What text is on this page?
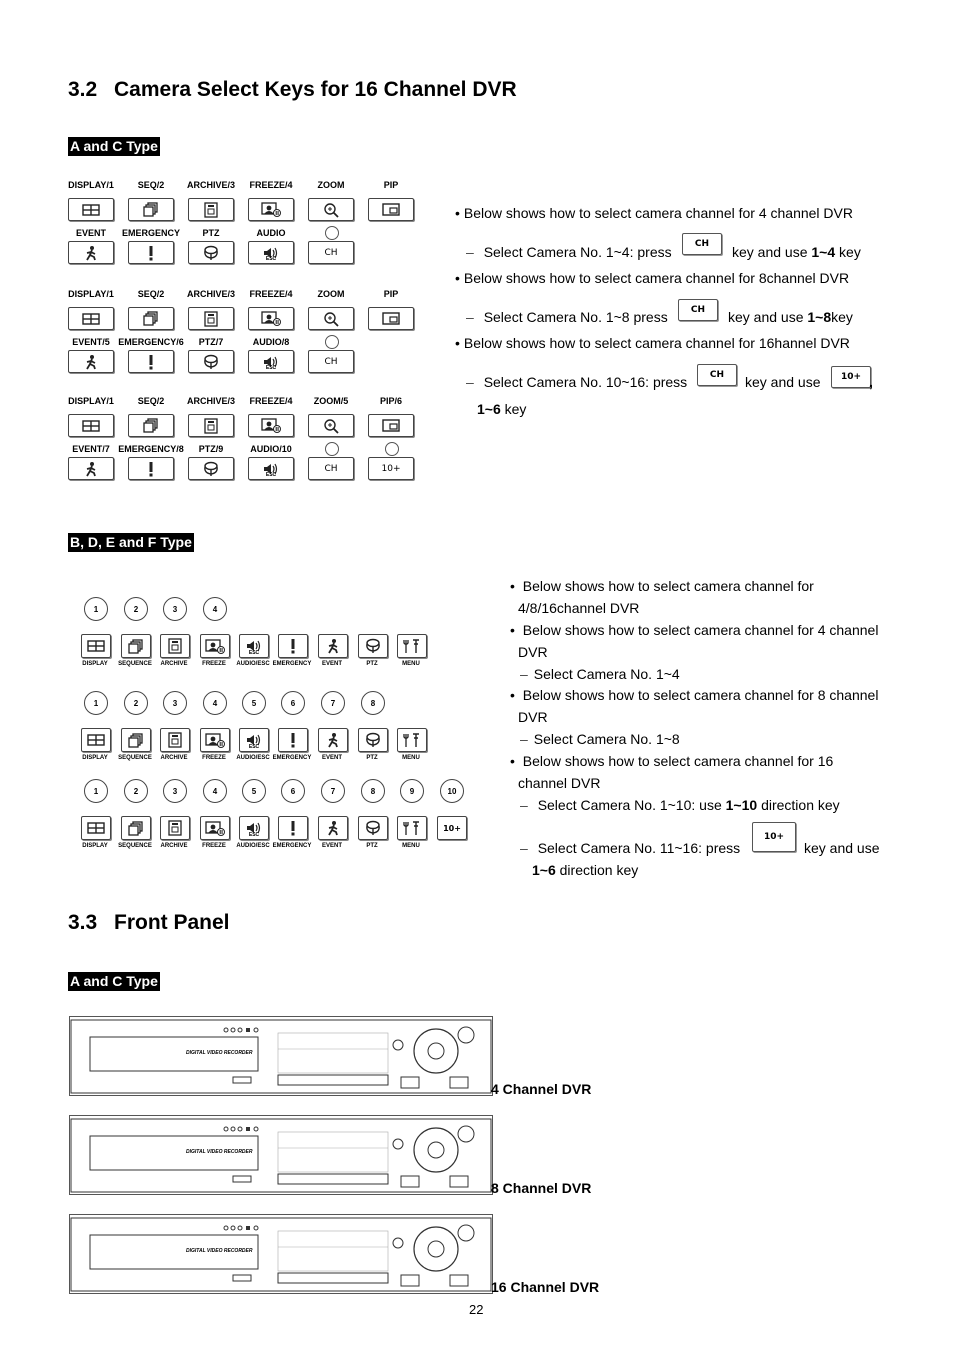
3.2 Camera Select Keys for 16 Channel DVR
A and C Type
DISPLAY/1	SEQ/2	ARCHIVE/3	FREEZE/4
II
ZOOM	PIP
EVENT	EMERGENCY	PTZ	AUDIO
ESC
CH
DISPLAY/1	SEQ/2	ARCHIVE/3	FREEZE/4
II
ZOOM	PIP
EVENT/5 EMERGENCY/6	PTZ/7	AUDIO/8
ESC
CH
DISPLAY/1	SEQ/2	ARCHIVE/3	FREEZE/4
II
ZOOM/5	PIP/6
EVENT/7 EMERGENCY/8	PTZ/9	AUDIO/10
ESC
CH	10+
• Below shows how to select camera channel for 4 channel DVR
– Select Camera No. 1~4: press	CH key and use 1~4 key
• Below shows how to select camera channel for 8channel DVR
– Select Camera No. 1~8 press	CH key and use 1~8key
• Below shows how to select camera channel for 16hannel DVR
– Select Camera No. 10~16: press	CH key and use 10+ ,
1~6 key
B, D, E and F Type
1	2	3	4
DISPLAY	SEQUENCE	ARCHIVE
II
FREEZE
ESC
AUDIO/ESC EMERGENCY	EVENT	PTZ	MENU
1	2	3	4	5	6	7	8
DISPLAY	SEQUENCE	ARCHIVE
II
FREEZE
ESC
AUDIO/ESC EMERGENCY	EVENT	PTZ	MENU
1	2	3	4	5	6	7	8	9	10
DISPLAY	SEQUENCE	ARCHIVE
II
FREEZE
ESC
AUDIO/ESC EMERGENCY	EVENT	PTZ	MENU
10+
• Below shows how to select camera channel for 4/8/16channel DVR
• Below shows how to select camera channel for 4 channel DVR
– Select Camera No. 1~4
• Below shows how to select camera channel for 8 channel DVR
– Select Camera No. 1~8
• Below shows how to select camera channel for 16 channel DVR
– Select Camera No. 1~10: use 1~10 direction key
– Select Camera No. 11~16: press
10+
key and use
1~6 direction key
3.3 Front Panel
A and C Type
DIGITAL VIDEO RECORDER
4 Channel DVR
DIGITAL VIDEO RECORDER
8 Channel DVR
DIGITAL VIDEO RECORDER
16 Channel DVR
22
